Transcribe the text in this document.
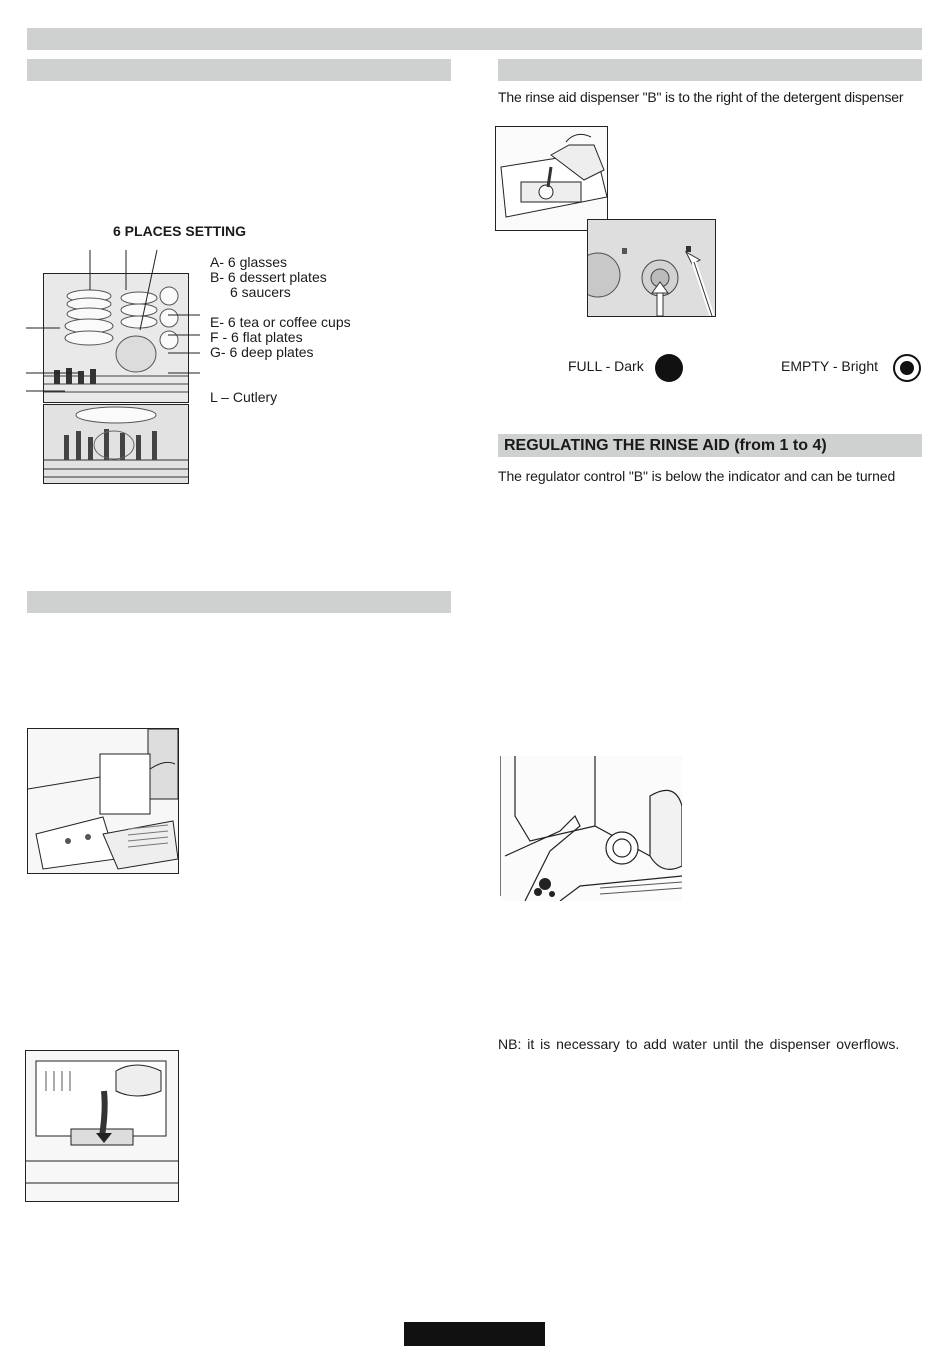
6 PLACES SETTING
A- 6 glasses
B- 6 dessert plates
6 saucers
E- 6 tea or coffee cups
F - 6 flat plates
G- 6 deep plates
L – Cutlery
The rinse aid dispenser "B" is to the right of the detergent dispenser
FULL - Dark	EMPTY - Bright
REGULATING THE RINSE AID (from 1 to 4)
The regulator control "B" is below the indicator and can be turned
NB: it is necessary to add water until the dispenser overflows.
